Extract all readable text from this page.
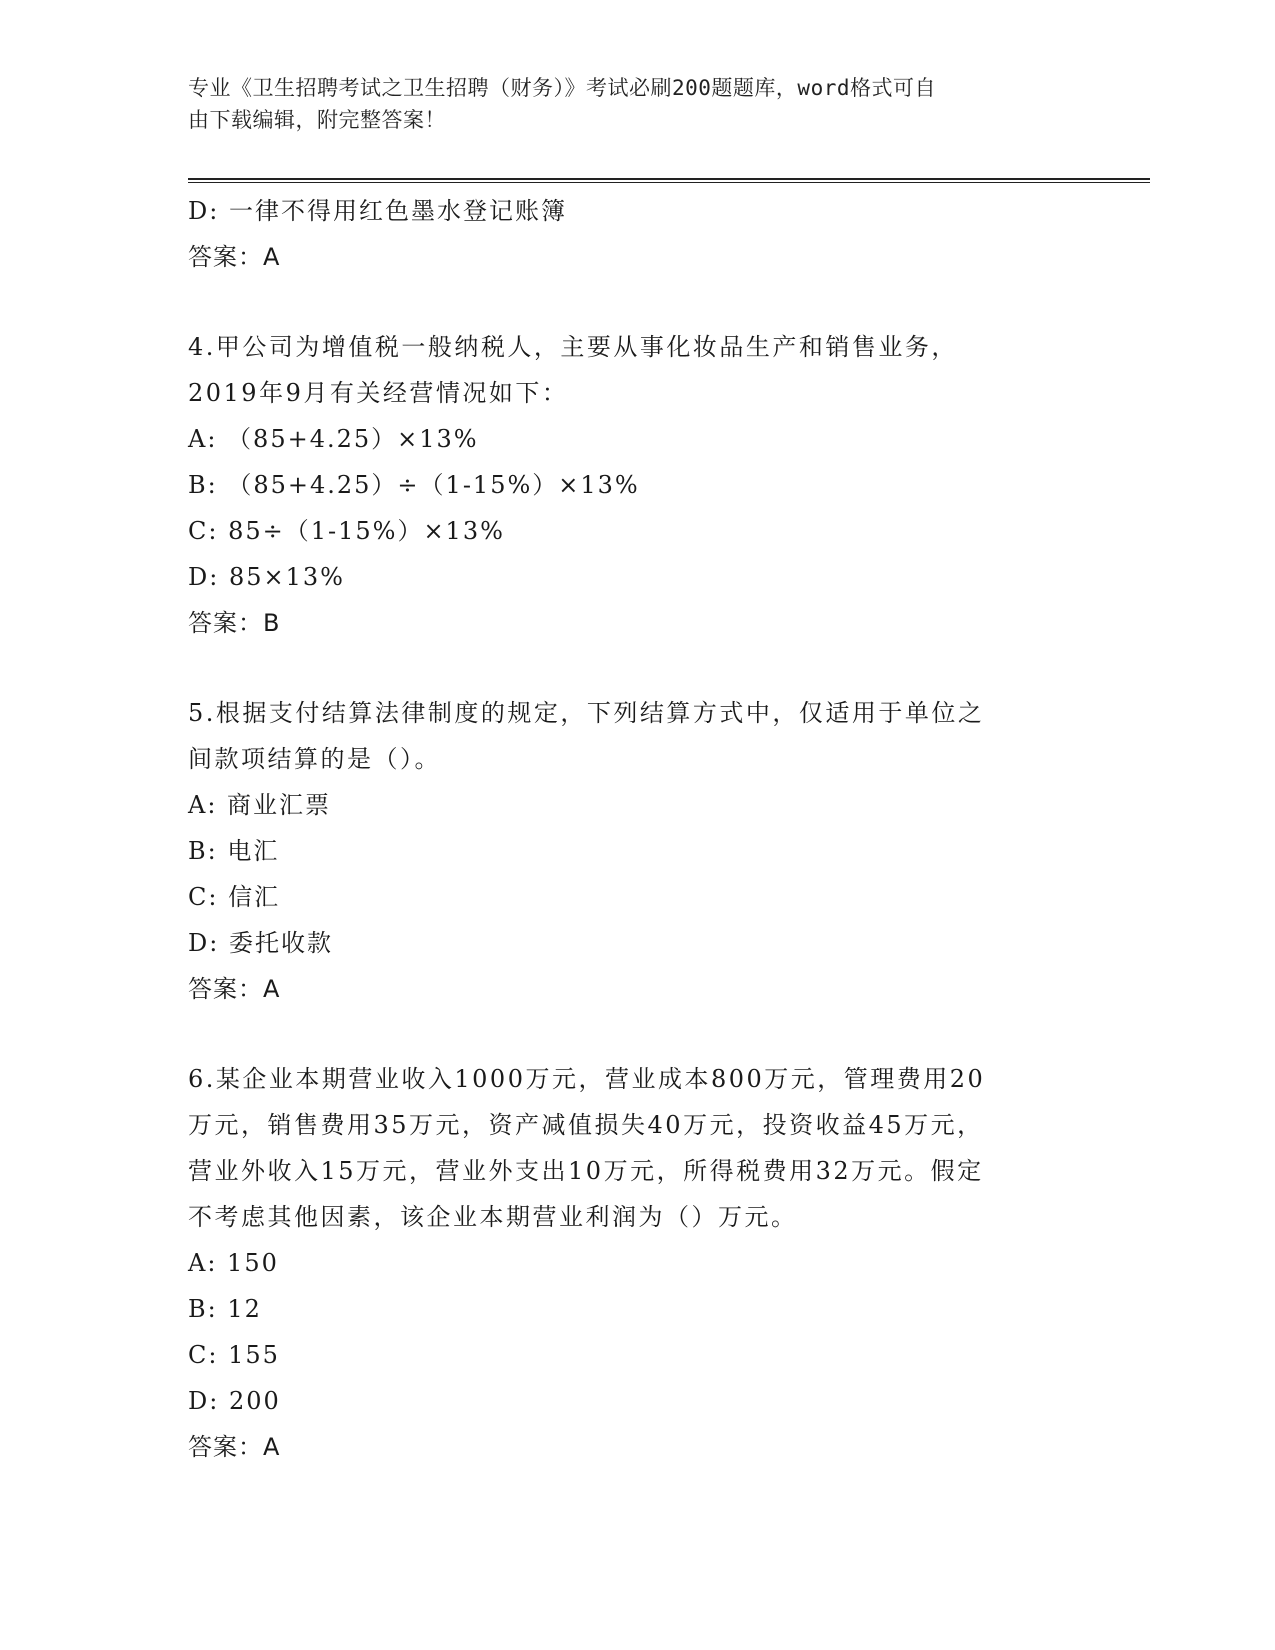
专业《卫生招聘考试之卫生招聘（财务）》考试必刷200题题库，word格式可自
由下载编辑，附完整答案！
D: 一律不得用红色墨水登记账簿
答案：A
4.甲公司为增值税一般纳税人，主要从事化妆品生产和销售业务，
2019年9月有关经营情况如下：
A: （85+4.25）×13%
B: （85+4.25）÷（1-15%）×13%
C: 85÷（1-15%）×13%
D: 85×13%
答案：B
5.根据支付结算法律制度的规定，下列结算方式中，仅适用于单位之
间款项结算的是（）。
A: 商业汇票
B: 电汇
C: 信汇
D: 委托收款
答案：A
6.某企业本期营业收入1000万元，营业成本800万元，管理费用20
万元，销售费用35万元，资产减值损失40万元，投资收益45万元，
营业外收入15万元，营业外支出10万元，所得税费用32万元。假定
不考虑其他因素，该企业本期营业利润为（）万元。
A: 150
B: 12
C: 155
D: 200
答案：A
